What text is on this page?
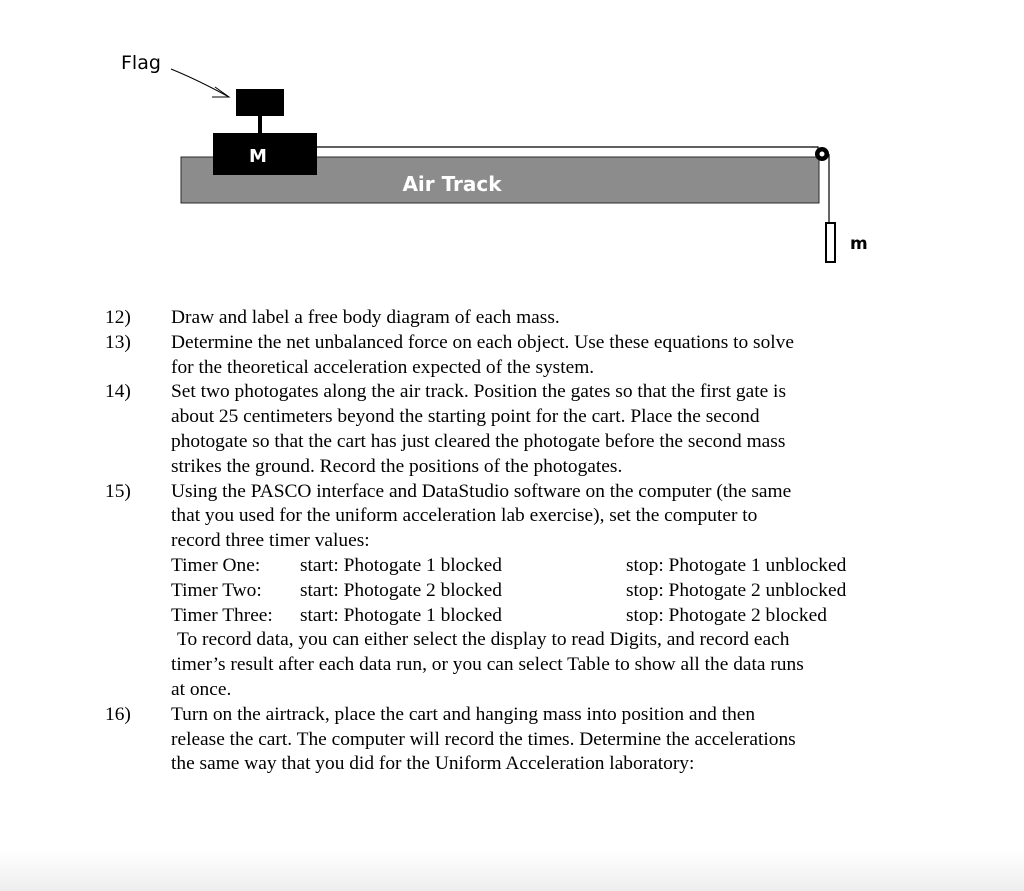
Flag
M
Air Track
m
12)	Draw and label a free body diagram of each mass.
13)	Determine the net unbalanced force on each object. Use these equations to solve
for the theoretical acceleration expected of the system.
14)	Set two photogates along the air track. Position the gates so that the first gate is
about 25 centimeters beyond the starting point for the cart. Place the second
photogate so that the cart has just cleared the photogate before the second mass
strikes the ground. Record the positions of the photogates.
15)	Using the PASCO interface and DataStudio software on the computer (the same
that you used for the uniform acceleration lab exercise), set the computer to
record three timer values:
Timer One:	start: Photogate 1 blocked	stop: Photogate 1 unblocked
Timer Two:	start: Photogate 2 blocked	stop: Photogate 2 unblocked
Timer Three:	start: Photogate 1 blocked	stop: Photogate 2 blocked
To record data, you can either select the display to read Digits, and record each
timer’s result after each data run, or you can select Table to show all the data runs
at once.
16)	Turn on the airtrack, place the cart and hanging mass into position and then
release the cart. The computer will record the times. Determine the accelerations
the same way that you did for the Uniform Acceleration laboratory:
